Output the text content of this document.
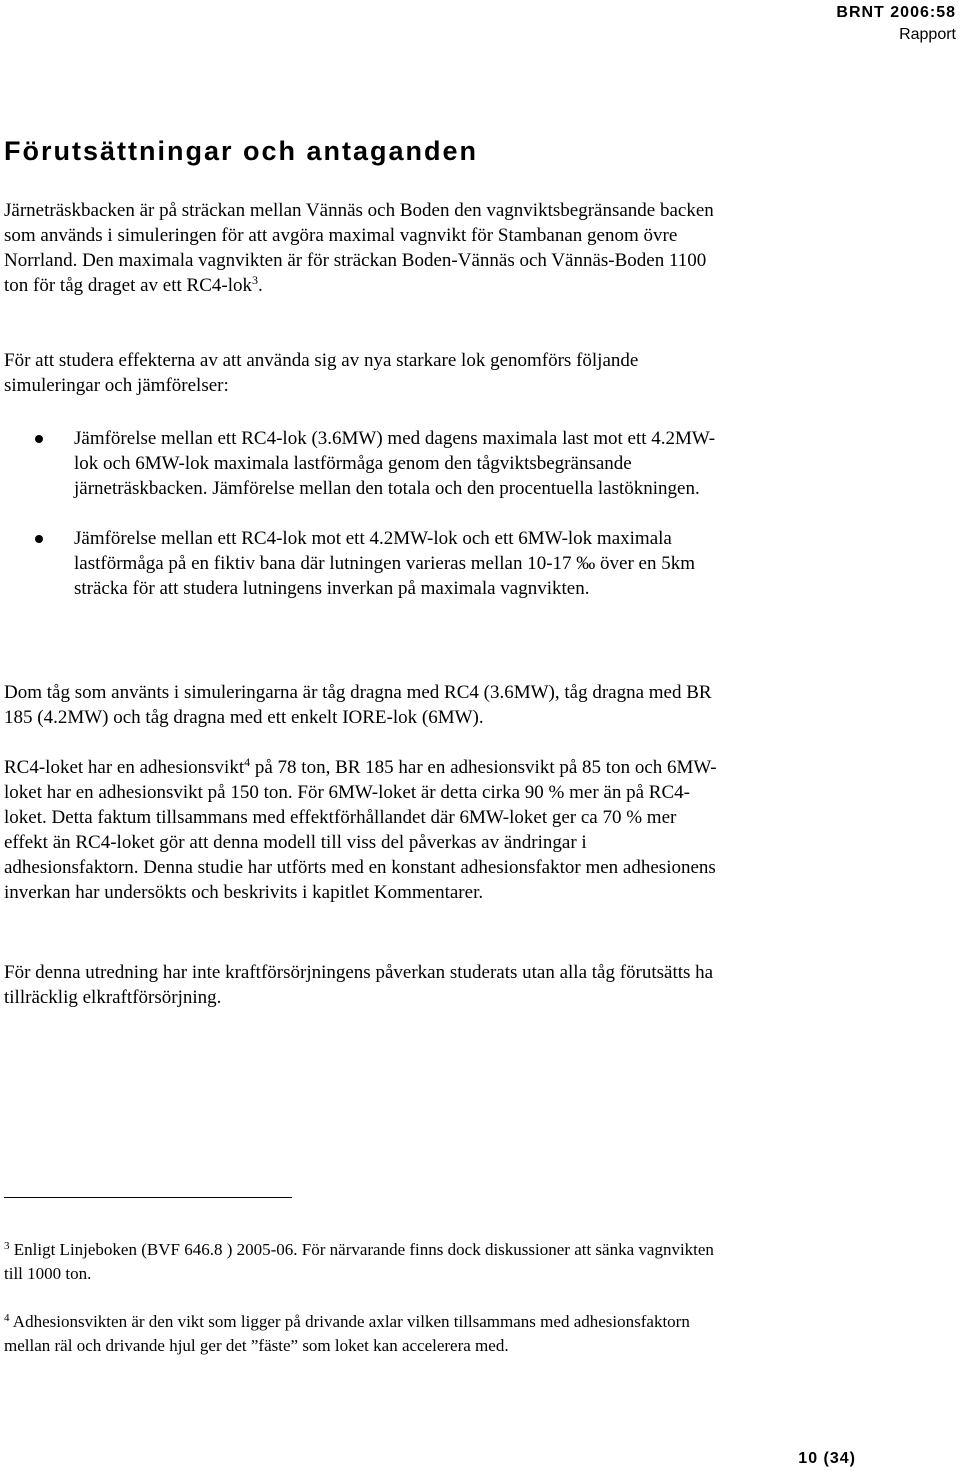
BRNT 2006:58
Rapport
Förutsättningar och antaganden

Järneträskbacken är på sträckan mellan Vännäs och Boden den vagnviktsbegränsande backen som används i simuleringen för att avgöra maximal vagnvikt för Stambanan genom övre Norrland. Den maximala vagnvikten är för sträckan Boden-Vännäs och Vännäs-Boden 1100 ton för tåg draget av ett RC4-lok$^3$.

För att studera effekterna av att använda sig av nya starkare lok genomförs följande simuleringar och jämförelser:

Jämförelse mellan ett RC4-lok (3.6MW) med dagens maximala last mot ett 4.2MW-lok och 6MW-lok maximala lastförmåga genom den tågviktsbegränsande järneträskbacken. Jämförelse mellan den totala och den procentuella lastökningen.
Jämförelse mellan ett RC4-lok mot ett 4.2MW-lok och ett 6MW-lok maximala lastförmåga på en fiktiv bana där lutningen varieras mellan 10-17 ‰ över en 5km sträcka för att studera lutningens inverkan på maximala vagnvikten.

Dom tåg som använts i simuleringarna är tåg dragna med RC4 (3.6MW), tåg dragna med BR 185 (4.2MW) och tåg dragna med ett enkelt IORE-lok (6MW).

RC4-loket har en adhesionsvikt$^4$ på 78 ton, BR 185 har en adhesionsvikt på 85 ton och 6MW-loket har en adhesionsvikt på 150 ton. För 6MW-loket är detta cirka 90 % mer än på RC4-loket. Detta faktum tillsammans med effektförhållandet där 6MW-loket ger ca 70 % mer effekt än RC4-loket gör att denna modell till viss del påverkas av ändringar i adhesionsfaktorn. Denna studie har utförts med en konstant adhesionsfaktor men adhesionens inverkan har undersökts och beskrivits i kapitlet Kommentarer.

För denna utredning har inte kraftförsörjningens påverkan studerats utan alla tåg förutsätts ha tillräcklig elkraftförsörjning.

$^3$ Enligt Linjeboken (BVF 646.8 ) 2005-06. För närvarande finns dock diskussioner att sänka vagnvikten till 1000 ton.

$^4$ Adhesionsvikten är den vikt som ligger på drivande axlar vilken tillsammans med adhesionsfaktorn mellan räl och drivande hjul ger det ”fäste” som loket kan accelerera med.

10 (34)
